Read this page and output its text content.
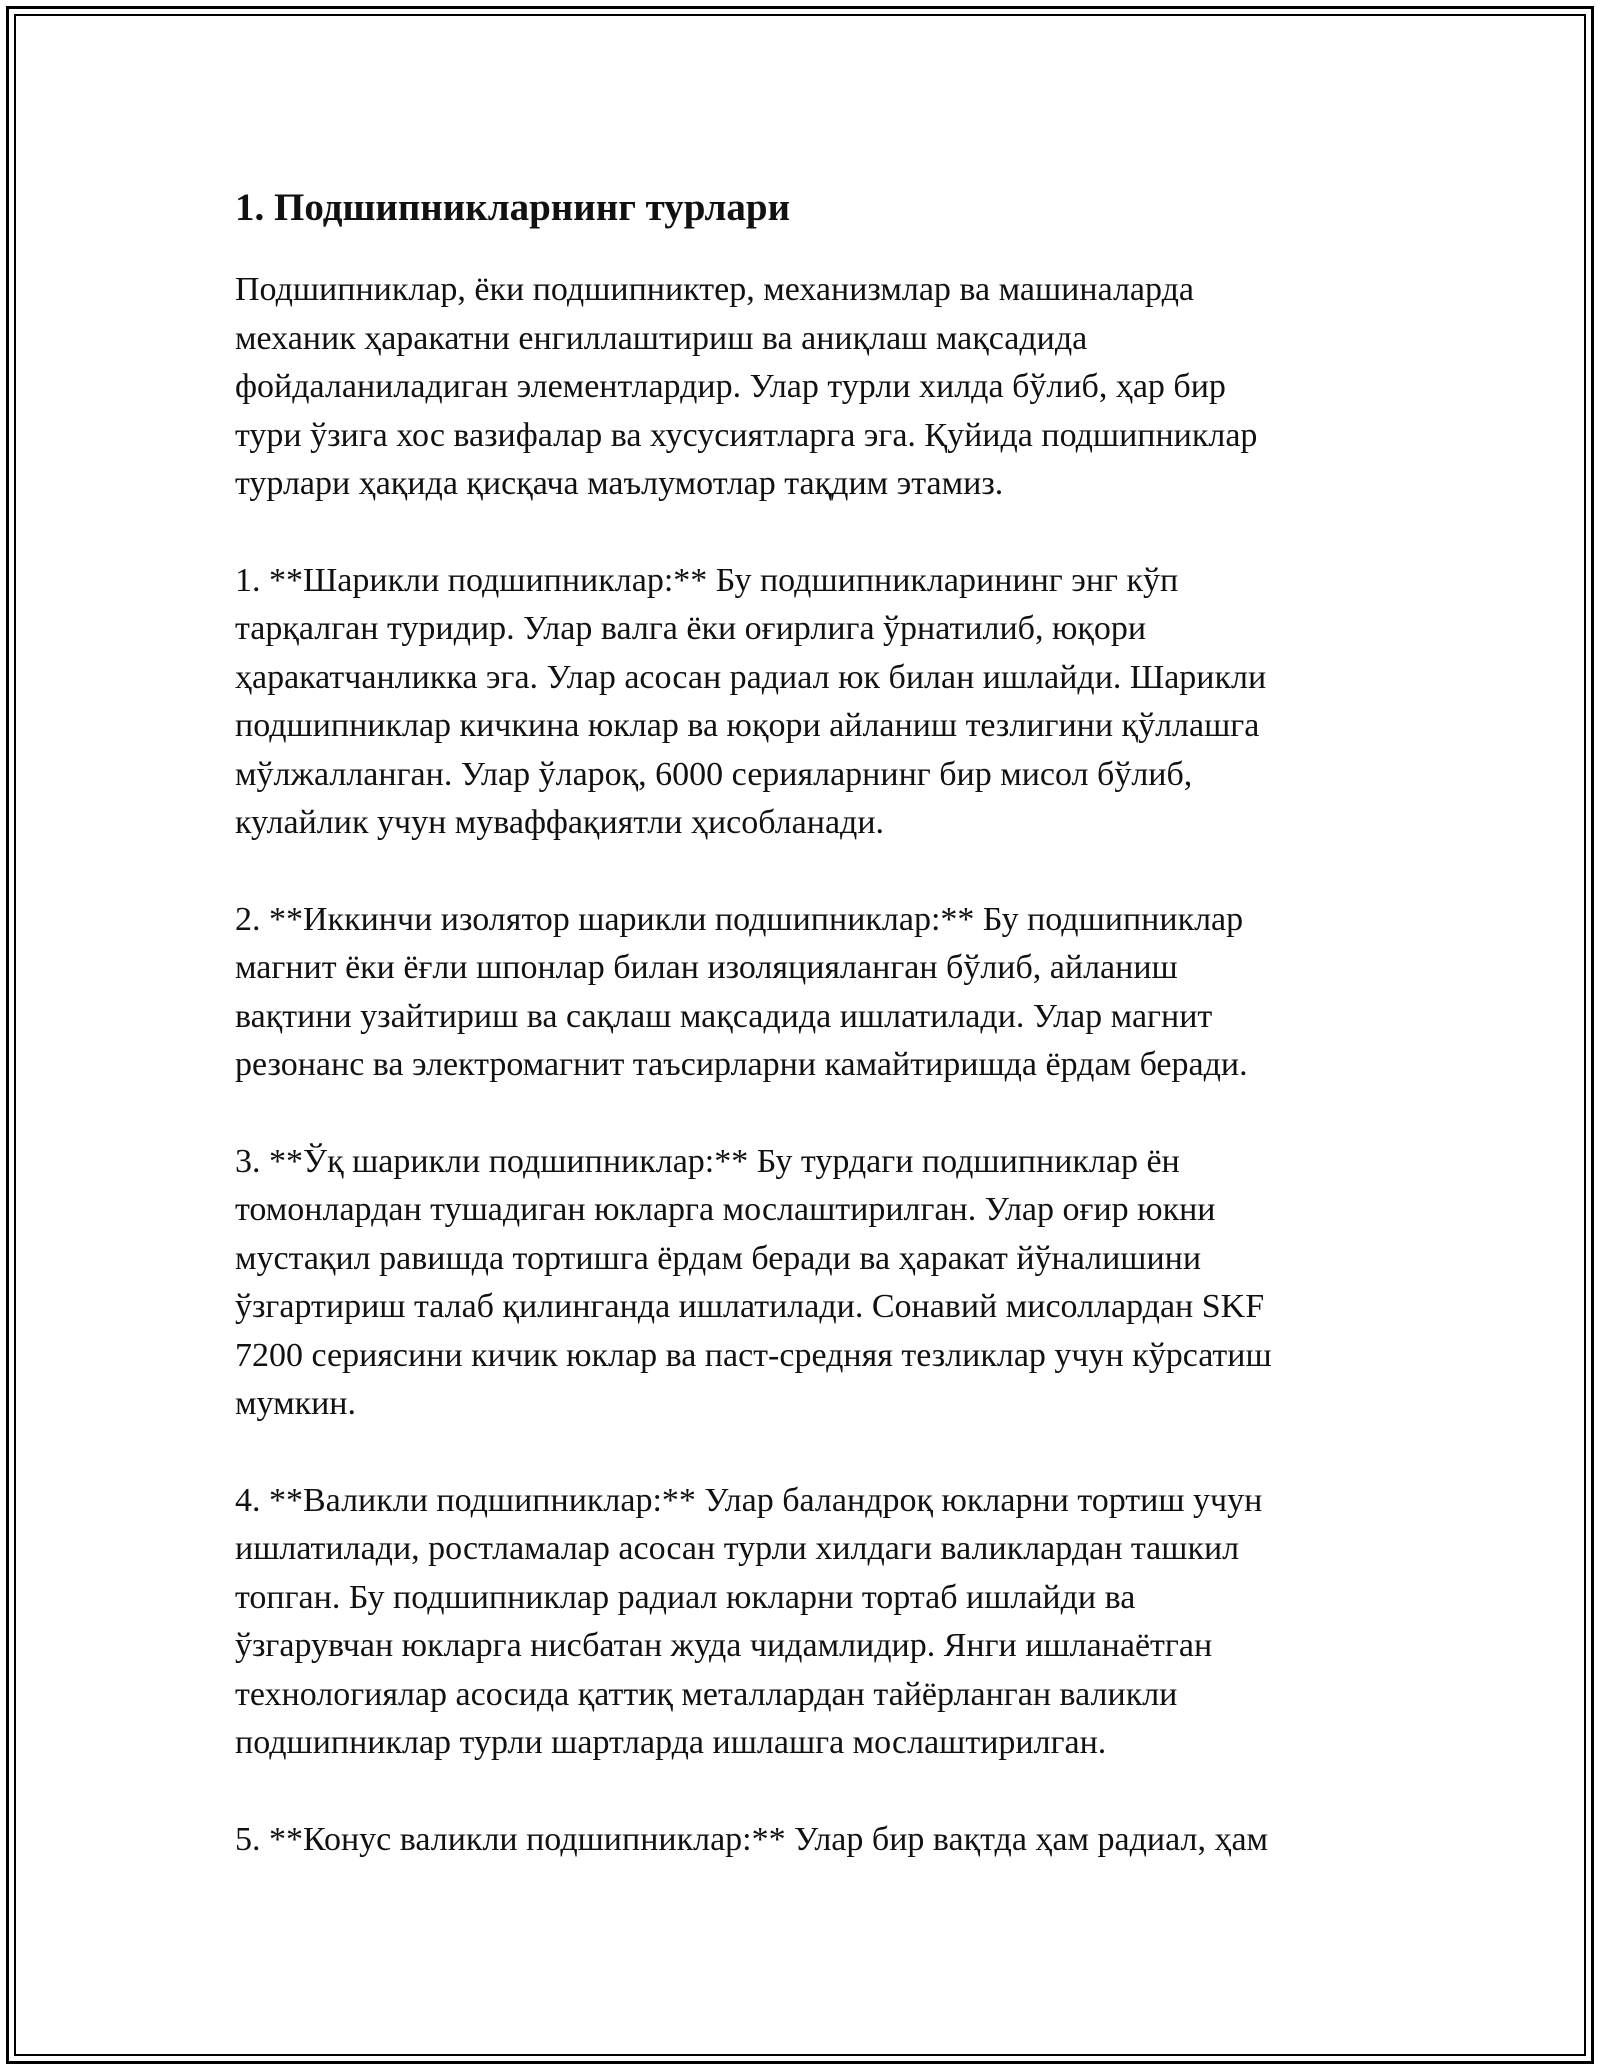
1. Подшипникларнинг турлари

Подшипниклар, ёки подшипниктер, механизмлар ва машиналарда
механик ҳаракатни енгиллаштириш ва аниқлаш мақсадида
фойдаланиладиган элементлардир. Улар турли хилда бўлиб, ҳар бир
тури ўзига хос вазифалар ва хусусиятларга эга. Қуйида подшипниклар
турлари ҳақида қисқача маълумотлар тақдим этамиз.

1. **Шарикли подшипниклар:** Бу подшипникларининг энг кўп
тарқалган туридир. Улар валга ёки оғирлига ўрнатилиб, юқори
ҳаракатчанликка эга. Улар асосан радиал юк билан ишлайди. Шарикли
подшипниклар кичкина юклар ва юқори айланиш тезлигини қўллашга
мўлжалланган. Улар ўлароқ, 6000 серияларнинг бир мисол бўлиб,
кулайлик учун муваффақиятли ҳисобланади.

2. **Иккинчи изолятор шарикли подшипниклар:** Бу подшипниклар
магнит ёки ёғли шпонлар билан изоляцияланган бўлиб, айланиш
вақтини узайтириш ва сақлаш мақсадида ишлатилади. Улар магнит
резонанс ва электромагнит таъсирларни камайтиришда ёрдам беради.

3. **Ўқ шарикли подшипниклар:** Бу турдаги подшипниклар ён
томонлардан тушадиган юкларга мослаштирилган. Улар оғир юкни
мустақил равишда тортишга ёрдам беради ва ҳаракат йўналишини
ўзгартириш талаб қилинганда ишлатилади. Сонавий мисоллардан SKF
7200 сериясини кичик юклар ва паст-средняя тезликлар учун кўрсатиш
мумкин.

4. **Валикли подшипниклар:** Улар баландроқ юкларни тортиш учун
ишлатилади, ростламалар асосан турли хилдаги валиклардан ташкил
топган. Бу подшипниклар радиал юкларни тортаб ишлайди ва
ўзгарувчан юкларга нисбатан жуда чидамлидир. Янги ишланаётган
технологиялар асосида қаттиқ металлардан тайёрланган валикли
подшипниклар турли шартларда ишлашга мослаштирилган.

5. **Конус валикли подшипниклар:** Улар бир вақтда ҳам радиал, ҳам
